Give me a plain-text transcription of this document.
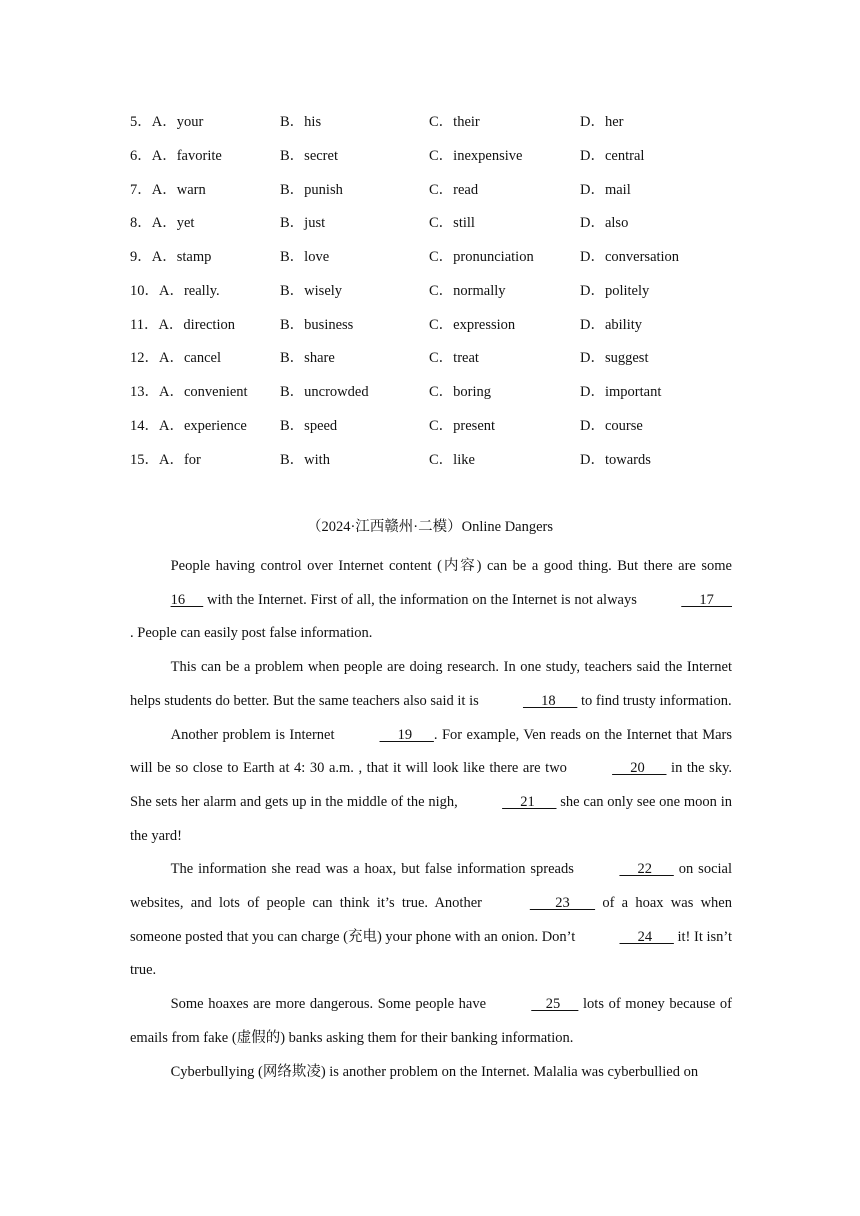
5．A．your	B．his	C．their	D．her
6．A．favorite	B．secret	C．inexpensive	D．central
7．A．warn	B．punish	C．read	D．mail
8．A．yet	B．just	C．still	D．also
9．A．stamp	B．love	C．pronunciation	D．conversation
10．A．really.	B．wisely	C．normally	D．politely
11．A．direction	B．business	C．expression	D．ability
12．A．cancel	B．share	C．treat	D．suggest
13．A．convenient B．uncrowded	C．boring	D．important
14．A．experience B．speed	C．present	D．course
15．A．for	B．with	C．like	D．towards
（2024·江西赣州·二模）Online Dangers

People having control over Internet content (内容) can be a good thing. But there are some 16      with the Internet. First of all, the information on the Internet is not always	17     . People can easily post false information.

This can be a problem when people are doing research. In one study, teachers said the Internet helps students do better. But the same teachers also said it is	18       to find trusty information.

Another problem is Internet	19      . For example, Ven reads on the Internet that Mars will be so close to Earth at 4: 30 a.m. , that it will look like there are two	20       in the sky. She sets her alarm and gets up in the middle of the nigh,	21       she can only see one moon in the yard!

The information she read was a hoax, but false information spreads	22       on social websites, and lots of people can think it’s true. Another	23        of a hoax was when someone posted that you can charge (充电) your phone with an onion. Don’t	24       it! It isn’t true.

Some hoaxes are more dangerous. Some people have	25      lots of money because of emails from fake (虚假的) banks asking them for their banking information.

Cyberbullying (网络欺凌) is another problem on the Internet. Malalia was cyberbullied on
